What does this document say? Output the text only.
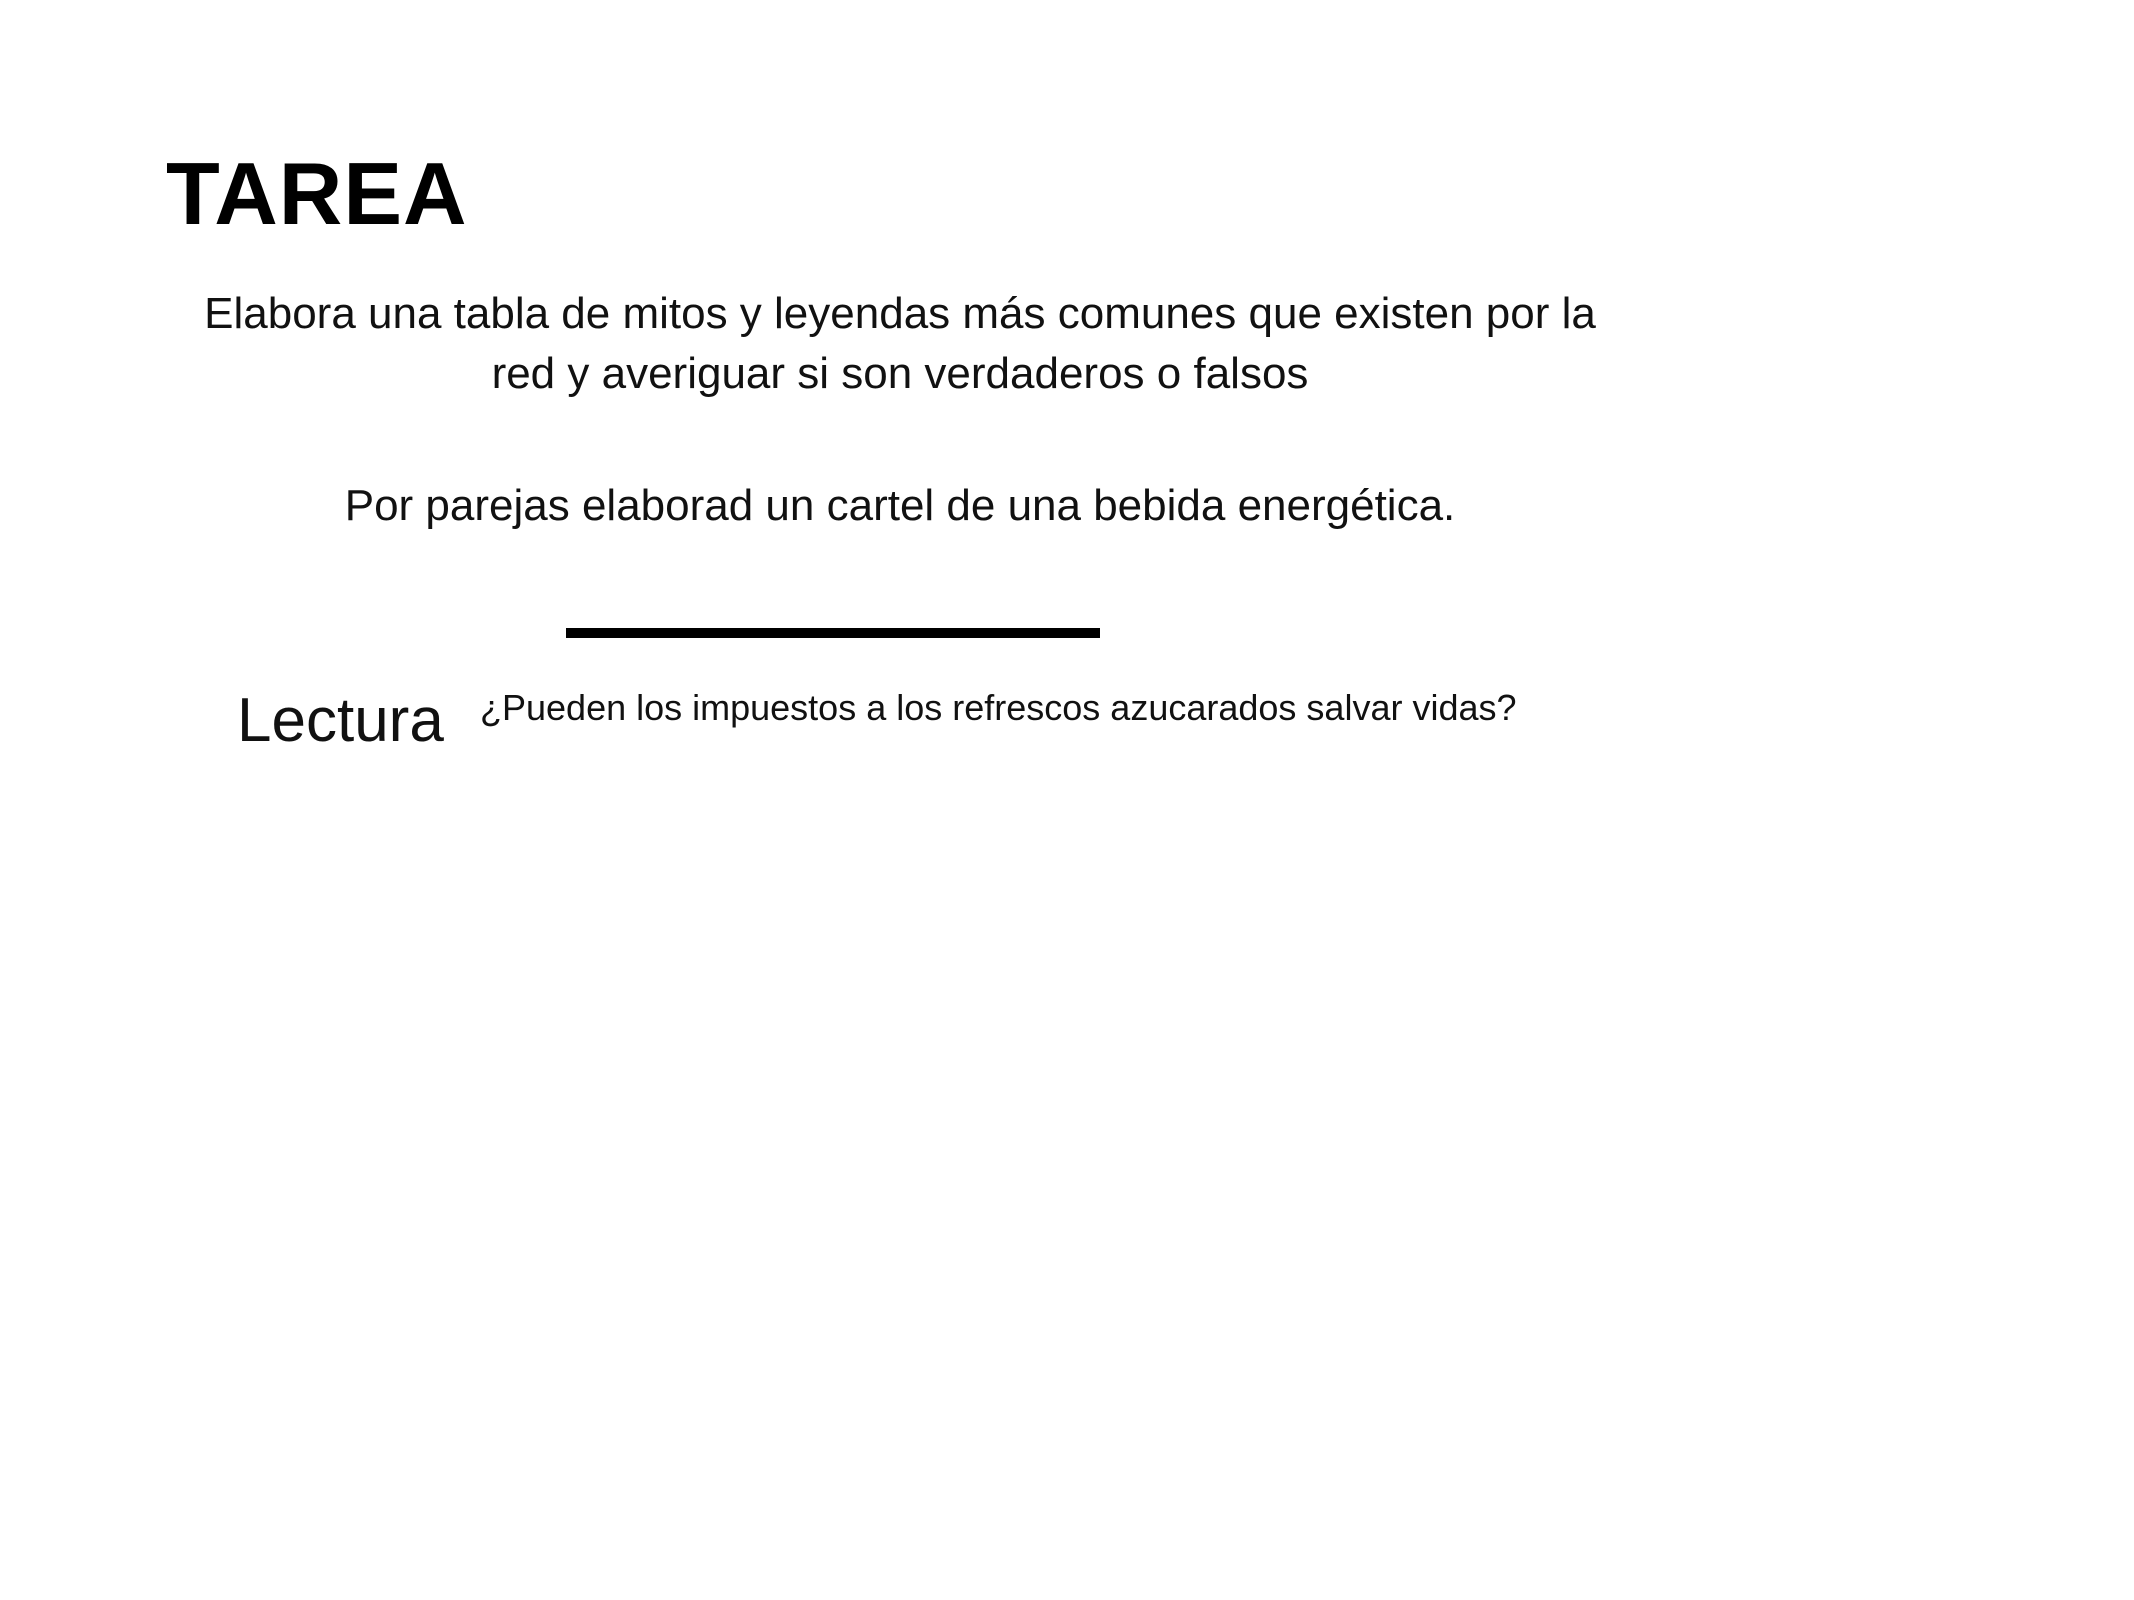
TAREA

Elabora una tabla de mitos y leyendas más comunes que existen por la red y averiguar si son verdaderos o falsos

Por parejas elaborad un cartel de una bebida energética.

Lectura ¿Pueden los impuestos a los refrescos azucarados salvar vidas?
